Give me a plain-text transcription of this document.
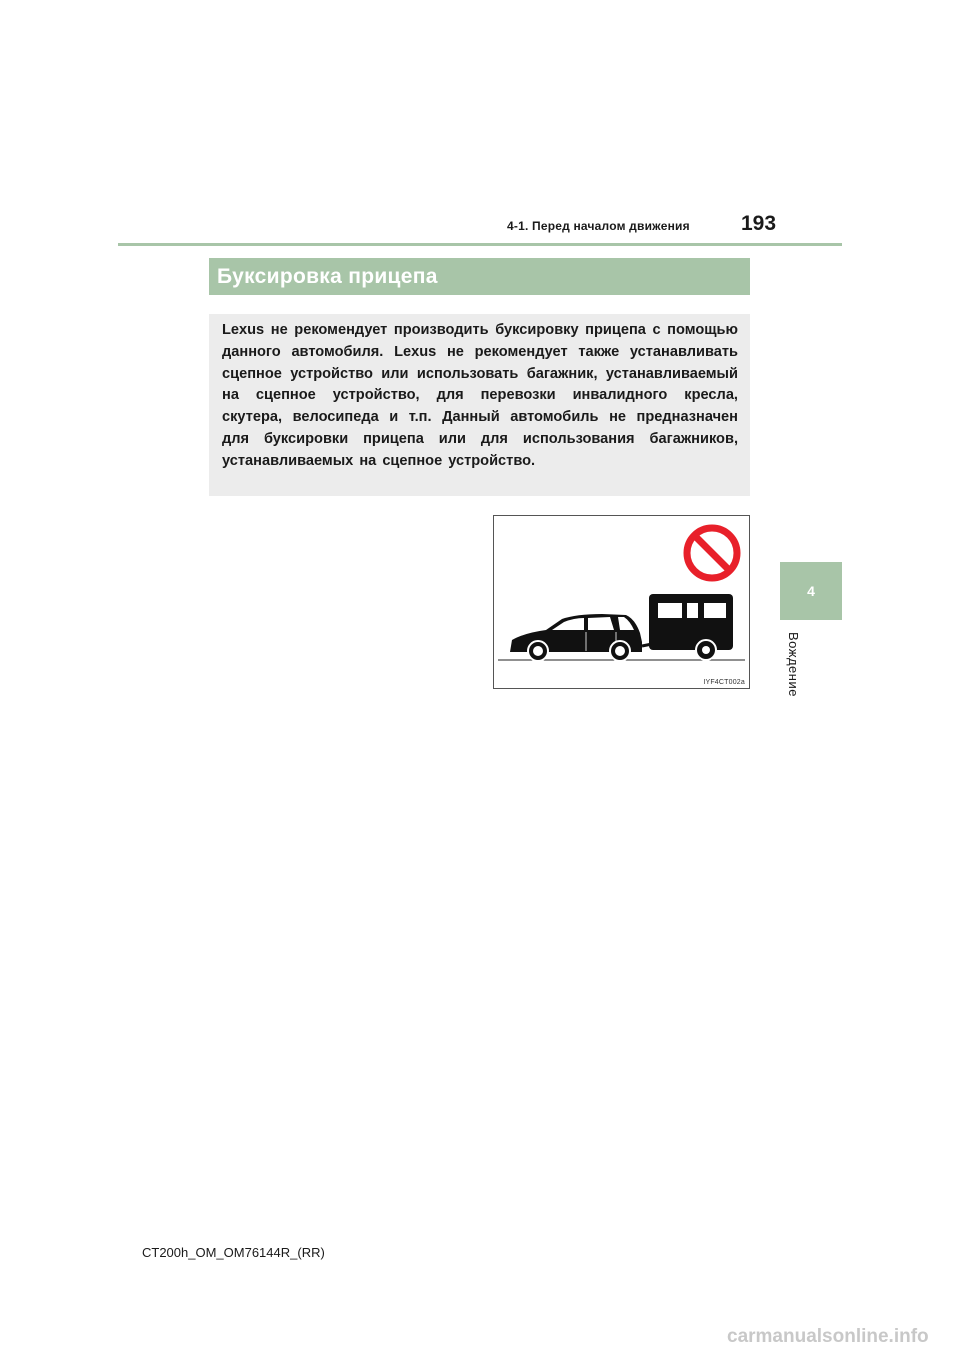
4-1. Перед началом движения 193
4
Вождение
Буксировка прицепа

Lexus не рекомендует производить буксировку прицепа с помощью данного автомобиля. Lexus не рекомендует также устанавливать сцепное устройство или использовать багажник, устанавливаемый на сцепное устройство, для перевозки инвалидного кресла, скутера, велосипеда и т.п. Данный автомобиль не предназначен для буксировки прицепа или для использования багажников, устанавливаемых на сцепное устройство.

IYF4CT002a
CT200h_OM_OM76144R_(RR)
carmanualsonline.info
